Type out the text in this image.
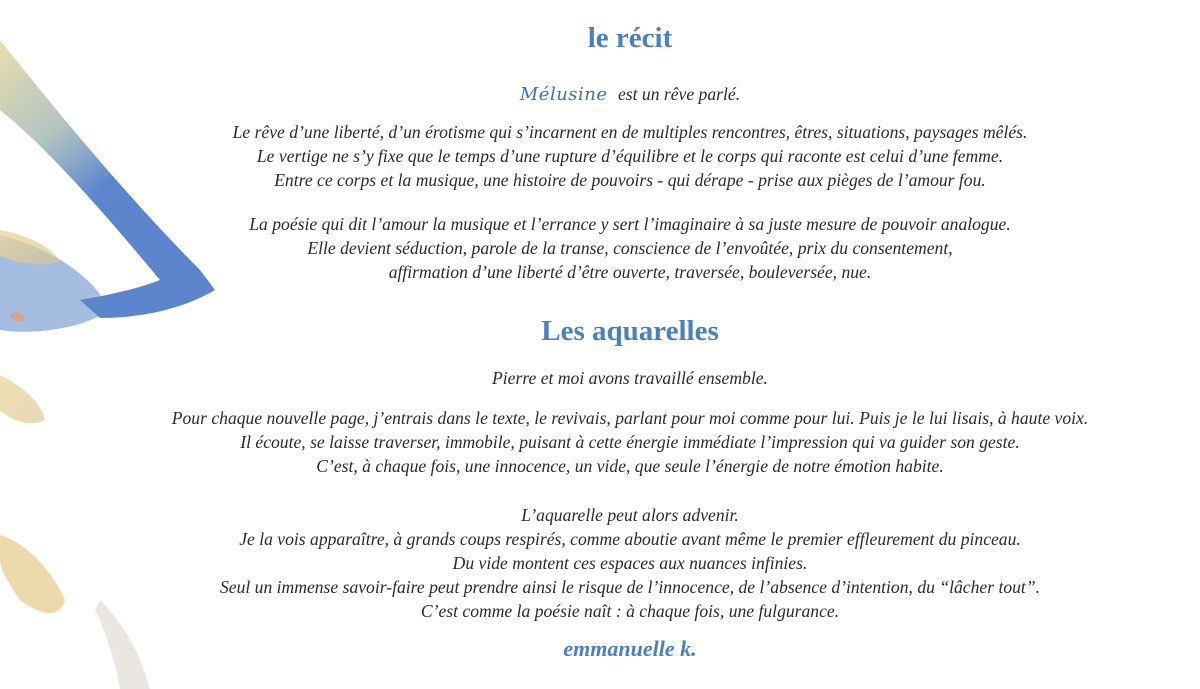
le récit
Mélusine est un rêve parlé.
Le rêve d’une liberté, d’un érotisme qui s’incarnent en de multiples rencontres, êtres, situations, paysages mêlés.
Le vertige ne s’y fixe que le temps d’une rupture d’équilibre et le corps qui raconte est celui d’une femme.
Entre ce corps et la musique, une histoire de pouvoirs - qui dérape - prise aux pièges de l’amour fou.
La poésie qui dit l’amour la musique et l’errance y sert l’imaginaire à sa juste mesure de pouvoir analogue.
Elle devient séduction, parole de la transe, conscience de l’envoûtée, prix du consentement,
affirmation d’une liberté d’être ouverte, traversée, bouleversée, nue.
Les aquarelles
Pierre et moi avons travaillé ensemble.
Pour chaque nouvelle page, j’entrais dans le texte, le revivais, parlant pour moi comme pour lui. Puis je le lui lisais, à haute voix.
Il écoute, se laisse traverser, immobile, puisant à cette énergie immédiate l’impression qui va guider son geste.
C’est, à chaque fois, une innocence, un vide, que seule l’énergie de notre émotion habite.
L’aquarelle peut alors advenir.
Je la vois apparaître, à grands coups respirés, comme aboutie avant même le premier effleurement du pinceau.
Du vide montent ces espaces aux nuances infinies.
Seul un immense savoir-faire peut prendre ainsi le risque de l’innocence, de l’absence d’intention, du “lâcher tout”.
C’est comme la poésie naît : à chaque fois, une fulgurance.
emmanuelle k.
